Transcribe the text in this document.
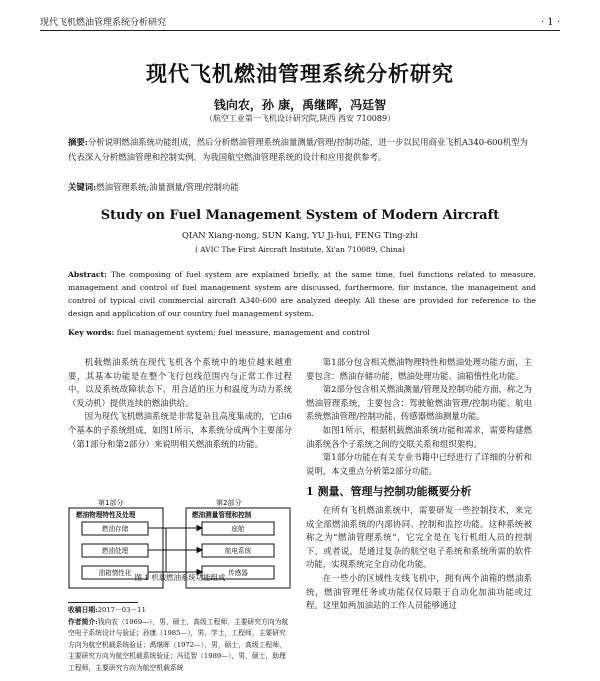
现代飞机燃油管理系统分析研究	· 1 ·
现代飞机燃油管理系统分析研究
钱向农，孙 康，禹继晖，冯廷智
（航空工业第一飞机设计研究院,陕西 西安 710089）
摘要:分析说明燃油系统功能组成，然后分析燃油管理系统油量测量/管理/控制功能，进一步以民用商业飞机A340-600机型为代表深入分析燃油管理和控制实例，为我国航空燃油管理系统的设计和应用提供参考。
关键词:燃油管理系统;油量测量/管理/控制功能
Study on Fuel Management System of Modern Aircraft
QIAN Xiang-nong, SUN Kang, YU Ji-hui, FENG Ting-zhi
( AVIC The First Aircraft Institute, Xi'an 710089, China)
Abstract: The composing of fuel system are explained briefly, at the same time, fuel functions related to measure, management and control of fuel management system are discussed, furthermore, for instance, the management and control of typical civil commercial aircraft A340-600 are analyzed deeply. All these are provided for reference to the design and application of our country fuel management system.
Key words: fuel management system; fuel measure, management and control

机载燃油系统在现代飞机各个系统中的地位越来越重要，其基本功能是在整个飞行包线范围内与正常工作过程中，以及系统故障状态下，用合适的压力和温度为动力系统（发动机）提供连续的燃油供给。

因为现代飞机燃油系统是非常复杂且高度集成的，它由6个基本的子系统组成，如图1所示，本系统分成两个主要部分（第1部分和第2部分）来说明相关燃油系统的功能。

第1部分	第2部分
燃油物理特性及处理	燃油测量管理和控制
燃油存储
燃油处理
油箱惰性化
座舱
航电系统
传感器
图 1 机载燃油系统功能组成
收稿日期:2017－03－11
作者简介:钱向农（1969—），男，硕士，高级工程师，主要研究方向为航空电子系统设计与验证；孙康（1985—），男，学士，工程师，主要研究方向为航空机载系统验证；禹继晖（1972—），男，硕士，高级工程师，主要研究方向为航空机载系统验证；冯廷智（1989—），男，硕士，助理工程师，主要研究方向为航空机载系统

第1部分包含相关燃油物理特性和燃油处理功能方面，主要包含：燃油存储功能、燃油处理功能、油箱惰性化功能。

第2部分包含相关燃油测量/管理及控制功能方面，称之为燃油管理系统，主要包含：驾驶舱燃油管理/控制功能、航电系统燃油管理/控制功能、传感器燃油测量功能。

如图1所示，根据机载燃油系统功能和需求，需要构建燃油系统各个子系统之间的交联关系和组织架构。

第1部分功能在有关专业书籍中已经进行了详细的分析和说明，本文重点分析第2部分功能。

1 测量、管理与控制功能概要分析

在所有飞机燃油系统中，需要研发一些控制技术，来完成全部燃油系统的内部协同、控制和监控功能。这种系统被称之为“燃油管理系统”，它完全是在飞行机组人员的控制下，或者说，是通过复杂的航空电子系统和系统所需的软件功能，实现系统完全自动化功能。

在一些小的区域性支线飞机中，拥有两个油箱的燃油系统，燃油管理任务或功能仅仅局限于自动化加油功能或过程。这里如两加油站的工作人员能够通过
